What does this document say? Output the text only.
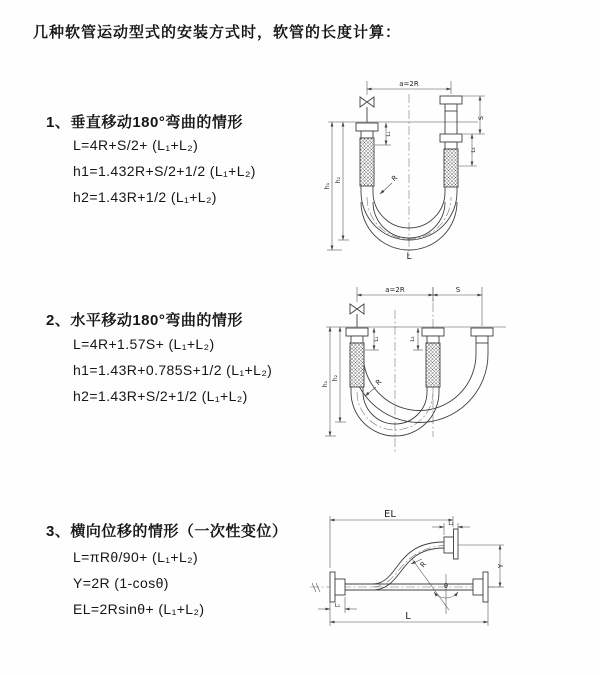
几种软管运动型式的安装方式时，软管的长度计算：
1、垂直移动180°弯曲的情形
L=4R+S/2+ (L₁+L₂)
h1=1.432R+S/2+1/2 (L₁+L₂)
h2=1.43R+1/2 (L₁+L₂)
a=2R
S
L₂
L₁
h₁
h₂	R
L
2、水平移动180°弯曲的情形
L=4R+1.57S+ (L₁+L₂)
h1=1.43R+0.785S+1/2 (L₁+L₂)
h2=1.43R+S/2+1/2 (L₁+L₂)
a=2R	S
L₁	L₂
h₁
h₂	R
3、横向位移的情形（一次性变位）
L=πRθ/90+ (L₁+L₂)
Y=2R (1-cosθ)
EL=2Rsinθ+ (L₁+L₂)
θ
EL
L₂
Y
L
L₁
R
